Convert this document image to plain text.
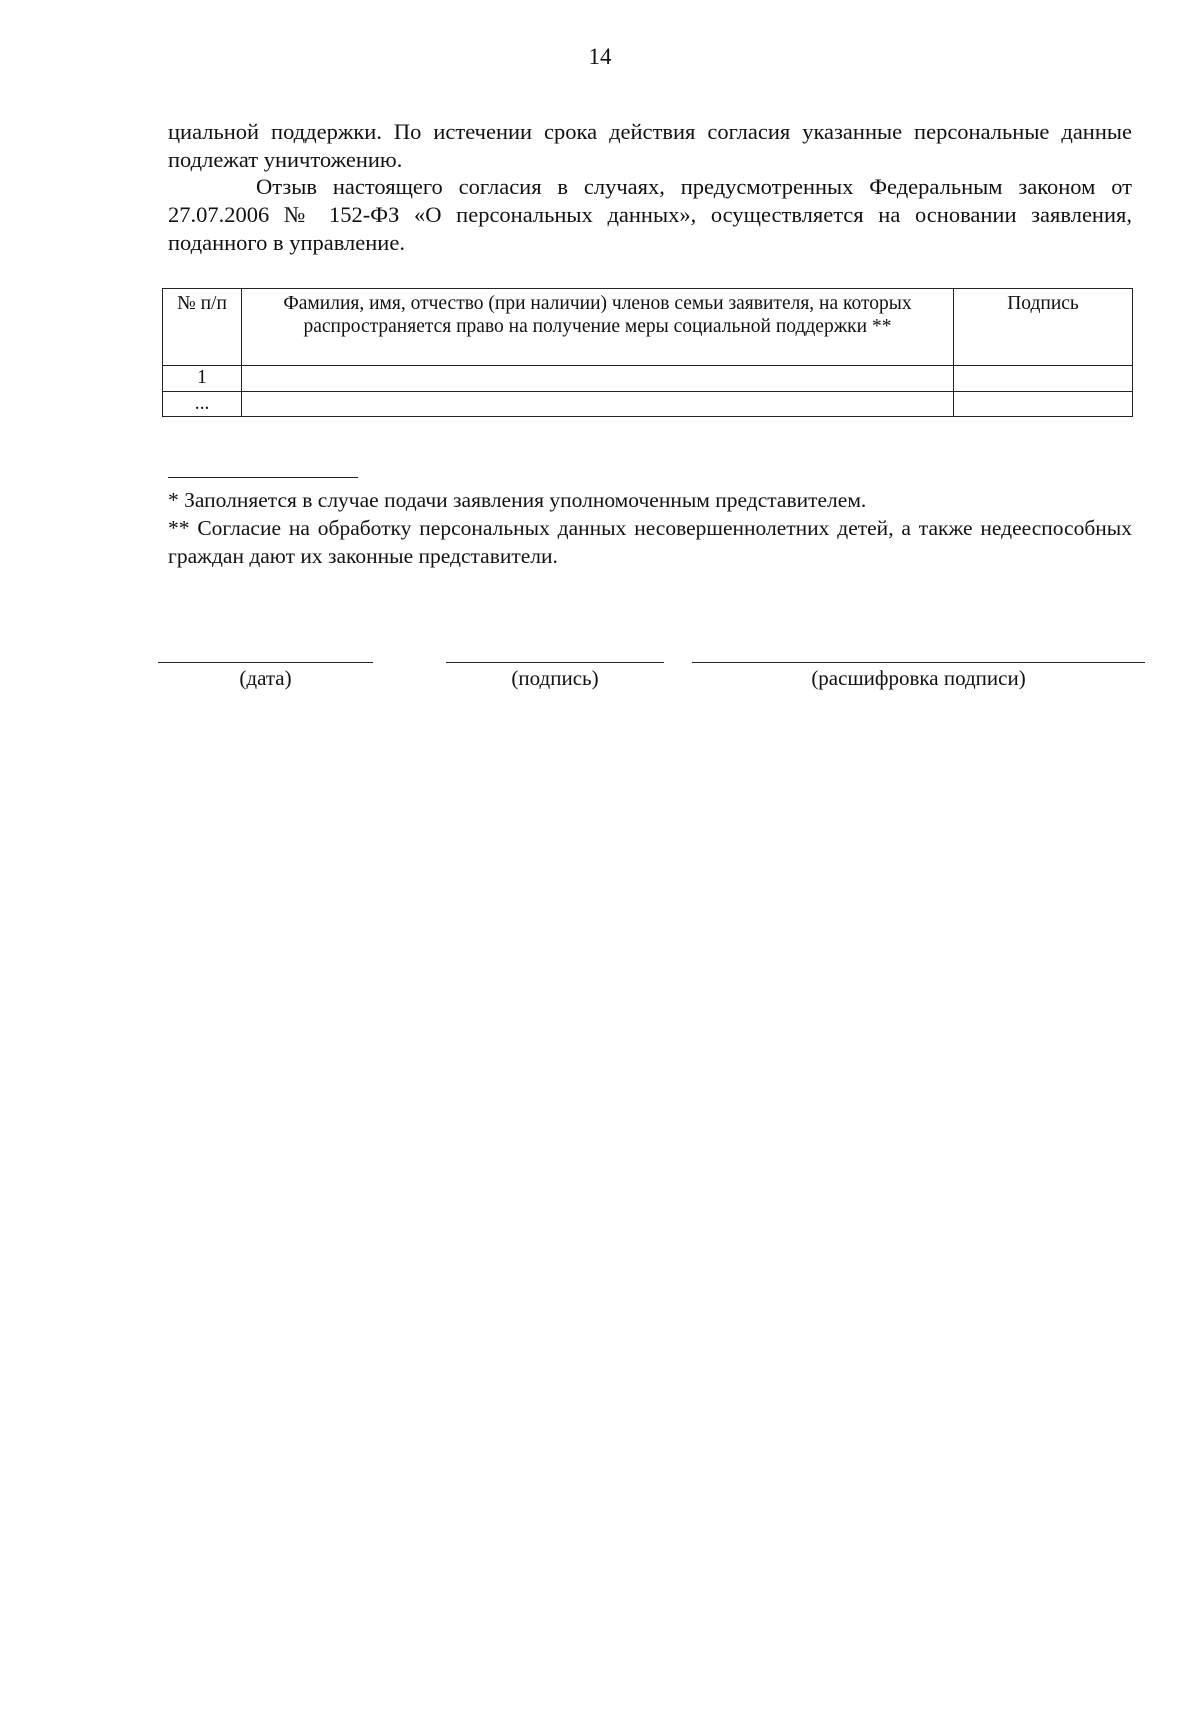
14
циальной поддержки. По истечении срока действия согласия указанные персональные данные подлежат уничтожению.
Отзыв настоящего согласия в случаях, предусмотренных Федеральным законом от 27.07.2006 № 152-ФЗ «О персональных данных», осуществляется на основании заявления, поданного в управление.
№ п/п	Фамилия, имя, отчество (при наличии) членов семьи заявителя, на которых распространяется право на получение меры социальной поддержки **	Подпись
1		
...		
* Заполняется в случае подачи заявления уполномоченным представителем.
** Согласие на обработку персональных данных несовершеннолетних детей, а также недееспособных граждан дают их законные представители.
(дата)	(подпись)	(расшифровка подписи)
